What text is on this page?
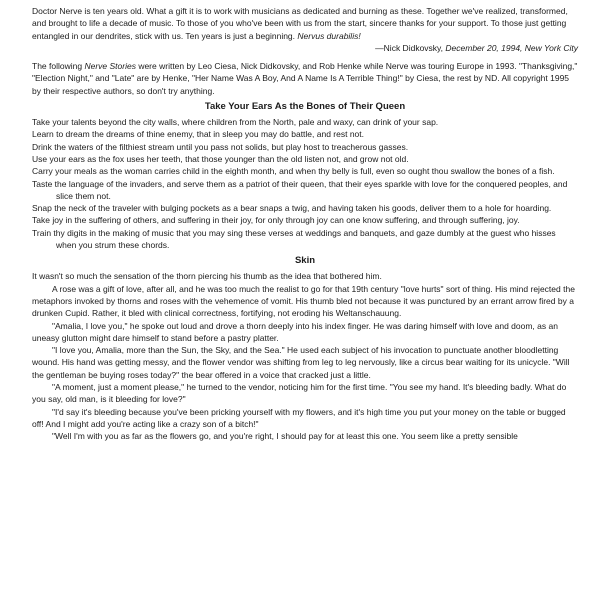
Doctor Nerve is ten years old. What a gift it is to work with musicians as dedicated and burning as these. Together we've realized, transformed, and brought to life a decade of music. To those of you who've been with us from the start, sincere thanks for your support. To those just getting entangled in our dendrites, stick with us. Ten years is just a beginning. Nervus durabilis!

—Nick Didkovsky, December 20, 1994, New York City

The following Nerve Stories were written by Leo Ciesa, Nick Didkovsky, and Rob Henke while Nerve was touring Europe in 1993. "Thanksgiving," "Election Night," and "Late" are by Henke, "Her Name Was A Boy, And A Name Is A Terrible Thing!" by Ciesa, the rest by ND. All copyright 1995 by their respective authors, so don't try anything.

Take Your Ears As the Bones of Their Queen

Take your talents beyond the city walls, where children from the North, pale and waxy, can drink of your sap.

Learn to dream the dreams of thine enemy, that in sleep you may do battle, and rest not.

Drink the waters of the filthiest stream until you pass not solids, but play host to treacherous gasses.

Use your ears as the fox uses her teeth, that those younger than the old listen not, and grow not old.

Carry your meals as the woman carries child in the eighth month, and when thy belly is full, even so ought thou swallow the bones of a fish.

Taste the language of the invaders, and serve them as a patriot of their queen, that their eyes sparkle with love for the conquered peoples, and slice them not.

Snap the neck of the traveler with bulging pockets as a bear snaps a twig, and having taken his goods, deliver them to a hole for hoarding.

Take joy in the suffering of others, and suffering in their joy, for only through joy can one know suffering, and through suffering, joy.

Train thy digits in the making of music that you may sing these verses at weddings and banquets, and gaze dumbly at the guest who hisses when you strum these chords.

Skin

It wasn't so much the sensation of the thorn piercing his thumb as the idea that bothered him.

A rose was a gift of love, after all, and he was too much the realist to go for that 19th century "love hurts" sort of thing. His mind rejected the metaphors invoked by thorns and roses with the vehemence of vomit. His thumb bled not because it was punctured by an errant arrow fired by a drunken Cupid. Rather, it bled with clinical correctness, fortifying, not eroding his Weltanschauung.

"Amalia, I love you," he spoke out loud and drove a thorn deeply into his index finger. He was daring himself with love and doom, as an uneasy glutton might dare himself to stand before a pastry platter.

"I love you, Amalia, more than the Sun, the Sky, and the Sea." He used each subject of his invocation to punctuate another bloodletting wound. His hand was getting messy, and the flower vendor was shifting from leg to leg nervously, like a circus bear waiting for its unicycle. "Will the gentleman be buying roses today?" the bear offered in a voice that cracked just a little.

"A moment, just a moment please," he turned to the vendor, noticing him for the first time. "You see my hand. It's bleeding badly. What do you say, old man, is it bleeding for love?"

"I'd say it's bleeding because you've been pricking yourself with my flowers, and it's high time you put your money on the table or bugged off! And I might add you're acting like a crazy son of a bitch!"

"Well I'm with you as far as the flowers go, and you're right, I should pay for at least this one. You seem like a pretty sensible
